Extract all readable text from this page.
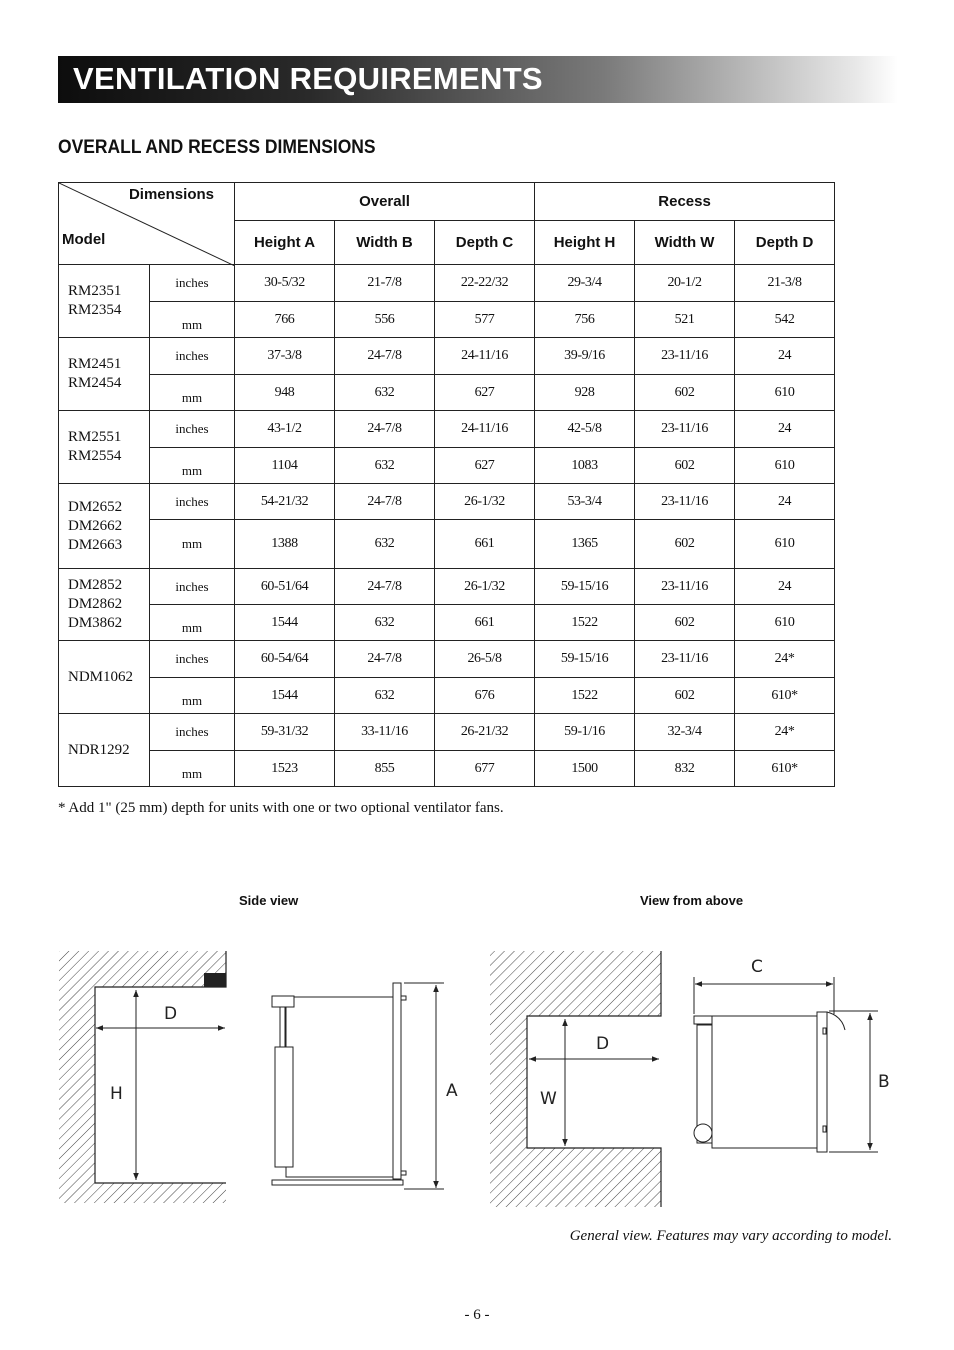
VENTILATION REQUIREMENTS
OVERALL AND RECESS DIMENSIONS
Dimensions
Model		Overall			Recess		
		Height A	Width B	Depth C	Height H	Width W	Depth D

RM2351
RM2354	inches	30-5/32	21-7/8	22-22/32	29-3/4	20-1/2	21-3/8
	mm	766	556	577	756	521	542

RM2451
RM2454	inches	37-3/8	24-7/8	24-11/16	39-9/16	23-11/16	24
	mm	948	632	627	928	602	610

RM2551
RM2554	inches	43-1/2	24-7/8	24-11/16	42-5/8	23-11/16	24
	mm	1104	632	627	1083	602	610

DM2652
DM2662
DM2663	inches	54-21/32	24-7/8	26-1/32	53-3/4	23-11/16	24
	mm	1388	632	661	1365	602	610

DM2852
DM2862
DM3862	inches	60-51/64	24-7/8	26-1/32	59-15/16	23-11/16	24
	mm	1544	632	661	1522	602	610

NDM1062	inches	60-54/64	24-7/8	26-5/8	59-15/16	23-11/16	24*
	mm	1544	632	676	1522	602	610*

NDR1292	inches	59-31/32	33-11/16	26-21/32	59-1/16	32-3/4	24*
	mm	1523	855	677	1500	832	610*
* Add 1" (25 mm) depth for units with one or two optional ventilator fans.
Side view	View from above
D
H	A
D
W
C
B
General view. Features may vary according to model.
- 6 -
